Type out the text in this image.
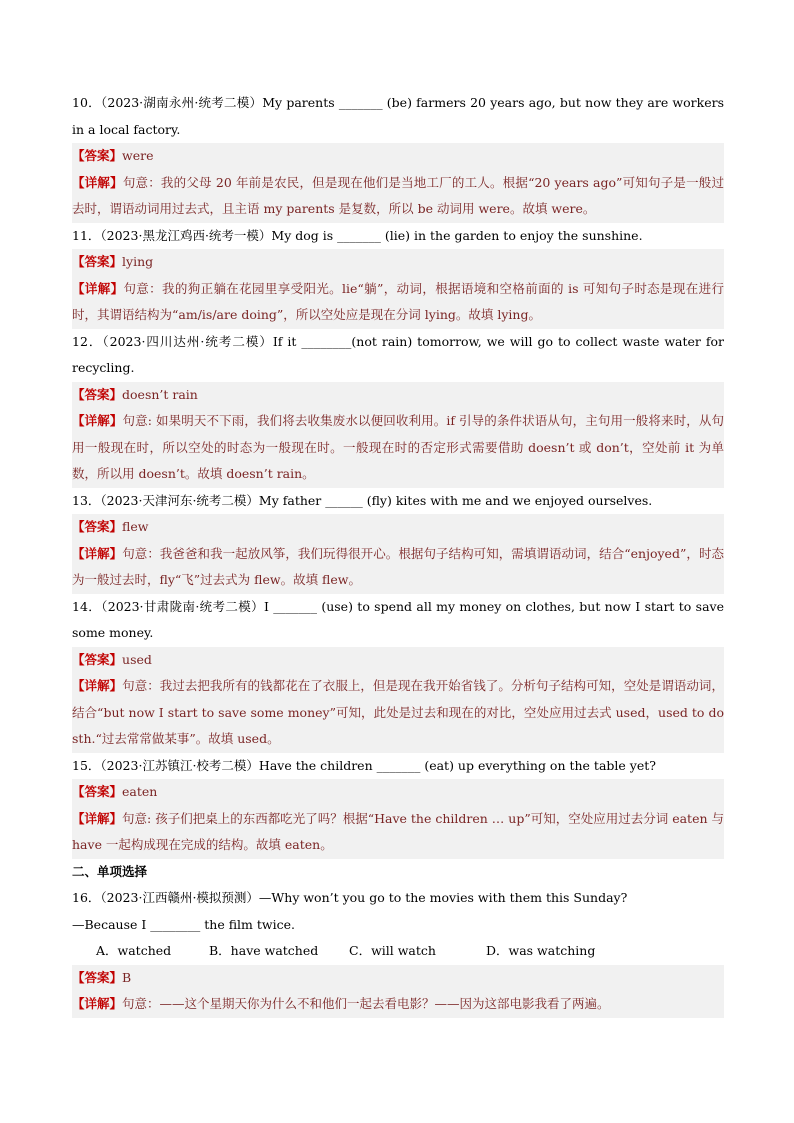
10．（2023·湖南永州·统考二模）My parents _______ (be) farmers 20 years ago, but now they are workers in a local factory.
【答案】were
【详解】句意：我的父母 20 年前是农民，但是现在他们是当地工厂的工人。根据“20 years ago”可知句子是一般过去时，谓语动词用过去式，且主语 my parents 是复数，所以 be 动词用 were。故填 were。
11．（2023·黑龙江鸡西·统考一模）My dog is _______ (lie) in the garden to enjoy the sunshine.
【答案】lying
【详解】句意：我的狗正躺在花园里享受阳光。lie“躺”，动词，根据语境和空格前面的 is 可知句子时态是现在进行时，其谓语结构为“am/is/are doing”，所以空处应是现在分词 lying。故填 lying。
12．（2023·四川达州·统考二模）If it ________(not rain) tomorrow, we will go to collect waste water for recycling.
【答案】doesn’t rain
【详解】句意: 如果明天不下雨，我们将去收集废水以便回收利用。if 引导的条件状语从句，主句用一般将来时，从句用一般现在时，所以空处的时态为一般现在时。一般现在时的否定形式需要借助 doesn’t 或 don’t，空处前 it 为单数，所以用 doesn’t。故填 doesn’t rain。
13．（2023·天津河东·统考二模）My father ______ (fly) kites with me and we enjoyed ourselves.
【答案】flew
【详解】句意：我爸爸和我一起放风筝，我们玩得很开心。根据句子结构可知，需填谓语动词，结合“enjoyed”，时态为一般过去时，fly“飞”过去式为 flew。故填 flew。
14．（2023·甘肃陇南·统考二模）I _______ (use) to spend all my money on clothes, but now I start to save some money.
【答案】used
【详解】句意：我过去把我所有的钱都花在了衣服上，但是现在我开始省钱了。分析句子结构可知，空处是谓语动词，结合“but now I start to save some money”可知，此处是过去和现在的对比，空处应用过去式 used，used to do sth.“过去常常做某事”。故填 used。
15．（2023·江苏镇江·校考二模）Have the children _______ (eat) up everything on the table yet?
【答案】eaten
【详解】句意: 孩子们把桌上的东西都吃光了吗？根据“Have the children … up”可知，空处应用过去分词 eaten 与 have 一起构成现在完成的结构。故填 eaten。
二、单项选择
16．（2023·江西赣州·模拟预测）—Why won’t you go to the movies with them this Sunday?
—Because I ________ the film twice.
A．watched	B．have watched	C．will watch	D．was watching
【答案】B
【详解】句意：——这个星期天你为什么不和他们一起去看电影？——因为这部电影我看了两遍。
